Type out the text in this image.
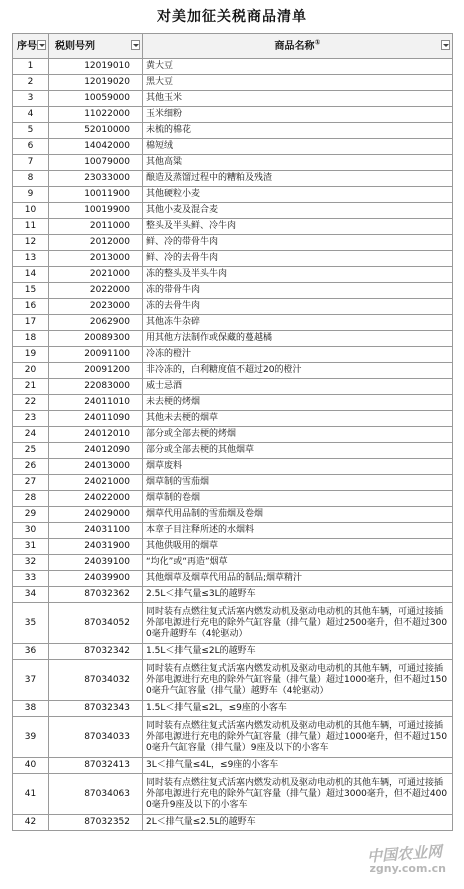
对美加征关税商品清单
序号	税则号列	商品名称①

1	12019010	黄大豆
2	12019020	黑大豆
3	10059000	其他玉米
4	11022000	玉米细粉
5	52010000	未梳的棉花
6	14042000	棉短绒
7	10079000	其他高粱
8	23033000	酿造及蒸馏过程中的糟粕及残渣
9	10011900	其他硬粒小麦
10	10019900	其他小麦及混合麦
11	2011000	整头及半头鲜、冷牛肉
12	2012000	鲜、冷的带骨牛肉
13	2013000	鲜、冷的去骨牛肉
14	2021000	冻的整头及半头牛肉
15	2022000	冻的带骨牛肉
16	2023000	冻的去骨牛肉
17	2062900	其他冻牛杂碎
18	20089300	用其他方法制作或保藏的蔓越橘
19	20091100	冷冻的橙汁
20	20091200	非冷冻的，白利糖度值不超过20的橙汁
21	22083000	威士忌酒
22	24011010	未去梗的烤烟
23	24011090	其他未去梗的烟草
24	24012010	部分或全部去梗的烤烟
25	24012090	部分或全部去梗的其他烟草
26	24013000	烟草废料
27	24021000	烟草制的雪茄烟
28	24022000	烟草制的卷烟
29	24029000	烟草代用品制的雪茄烟及卷烟
30	24031100	本章子目注释所述的水烟料
31	24031900	其他供吸用的烟草
32	24039100	“均化”或“再造”烟草
33	24039900	其他烟草及烟草代用品的制品;烟草精汁
34	87032362	2.5L＜排气量≤3L的越野车
35	87034052	同时装有点燃往复式活塞内燃发动机及驱动电动机的其他车辆，可通过接插外部电源进行充电的除外气缸容量（排气量）超过2500毫升，但不超过3000毫升越野车（4轮驱动）
36	87032342	1.5L＜排气量≤2L的越野车
37	87034032	同时装有点燃往复式活塞内燃发动机及驱动电动机的其他车辆，可通过接插外部电源进行充电的除外气缸容量（排气量）超过1000毫升，但不超过1500毫升气缸容量（排气量）越野车（4轮驱动）
38	87032343	1.5L＜排气量≤2L，≤9座的小客车
39	87034033	同时装有点燃往复式活塞内燃发动机及驱动电动机的其他车辆，可通过接插外部电源进行充电的除外气缸容量（排气量）超过1000毫升，但不超过1500毫升气缸容量（排气量）9座及以下的小客车
40	87032413	3L＜排气量≤4L，≤9座的小客车
41	87034063	同时装有点燃往复式活塞内燃发动机及驱动电动机的其他车辆，可通过接插外部电源进行充电的除外气缸容量（排气量）超过3000毫升，但不超过4000毫升9座及以下的小客车
42	87032352	2L＜排气量≤2.5L的越野车
中国农业网
zgny.com.cn
